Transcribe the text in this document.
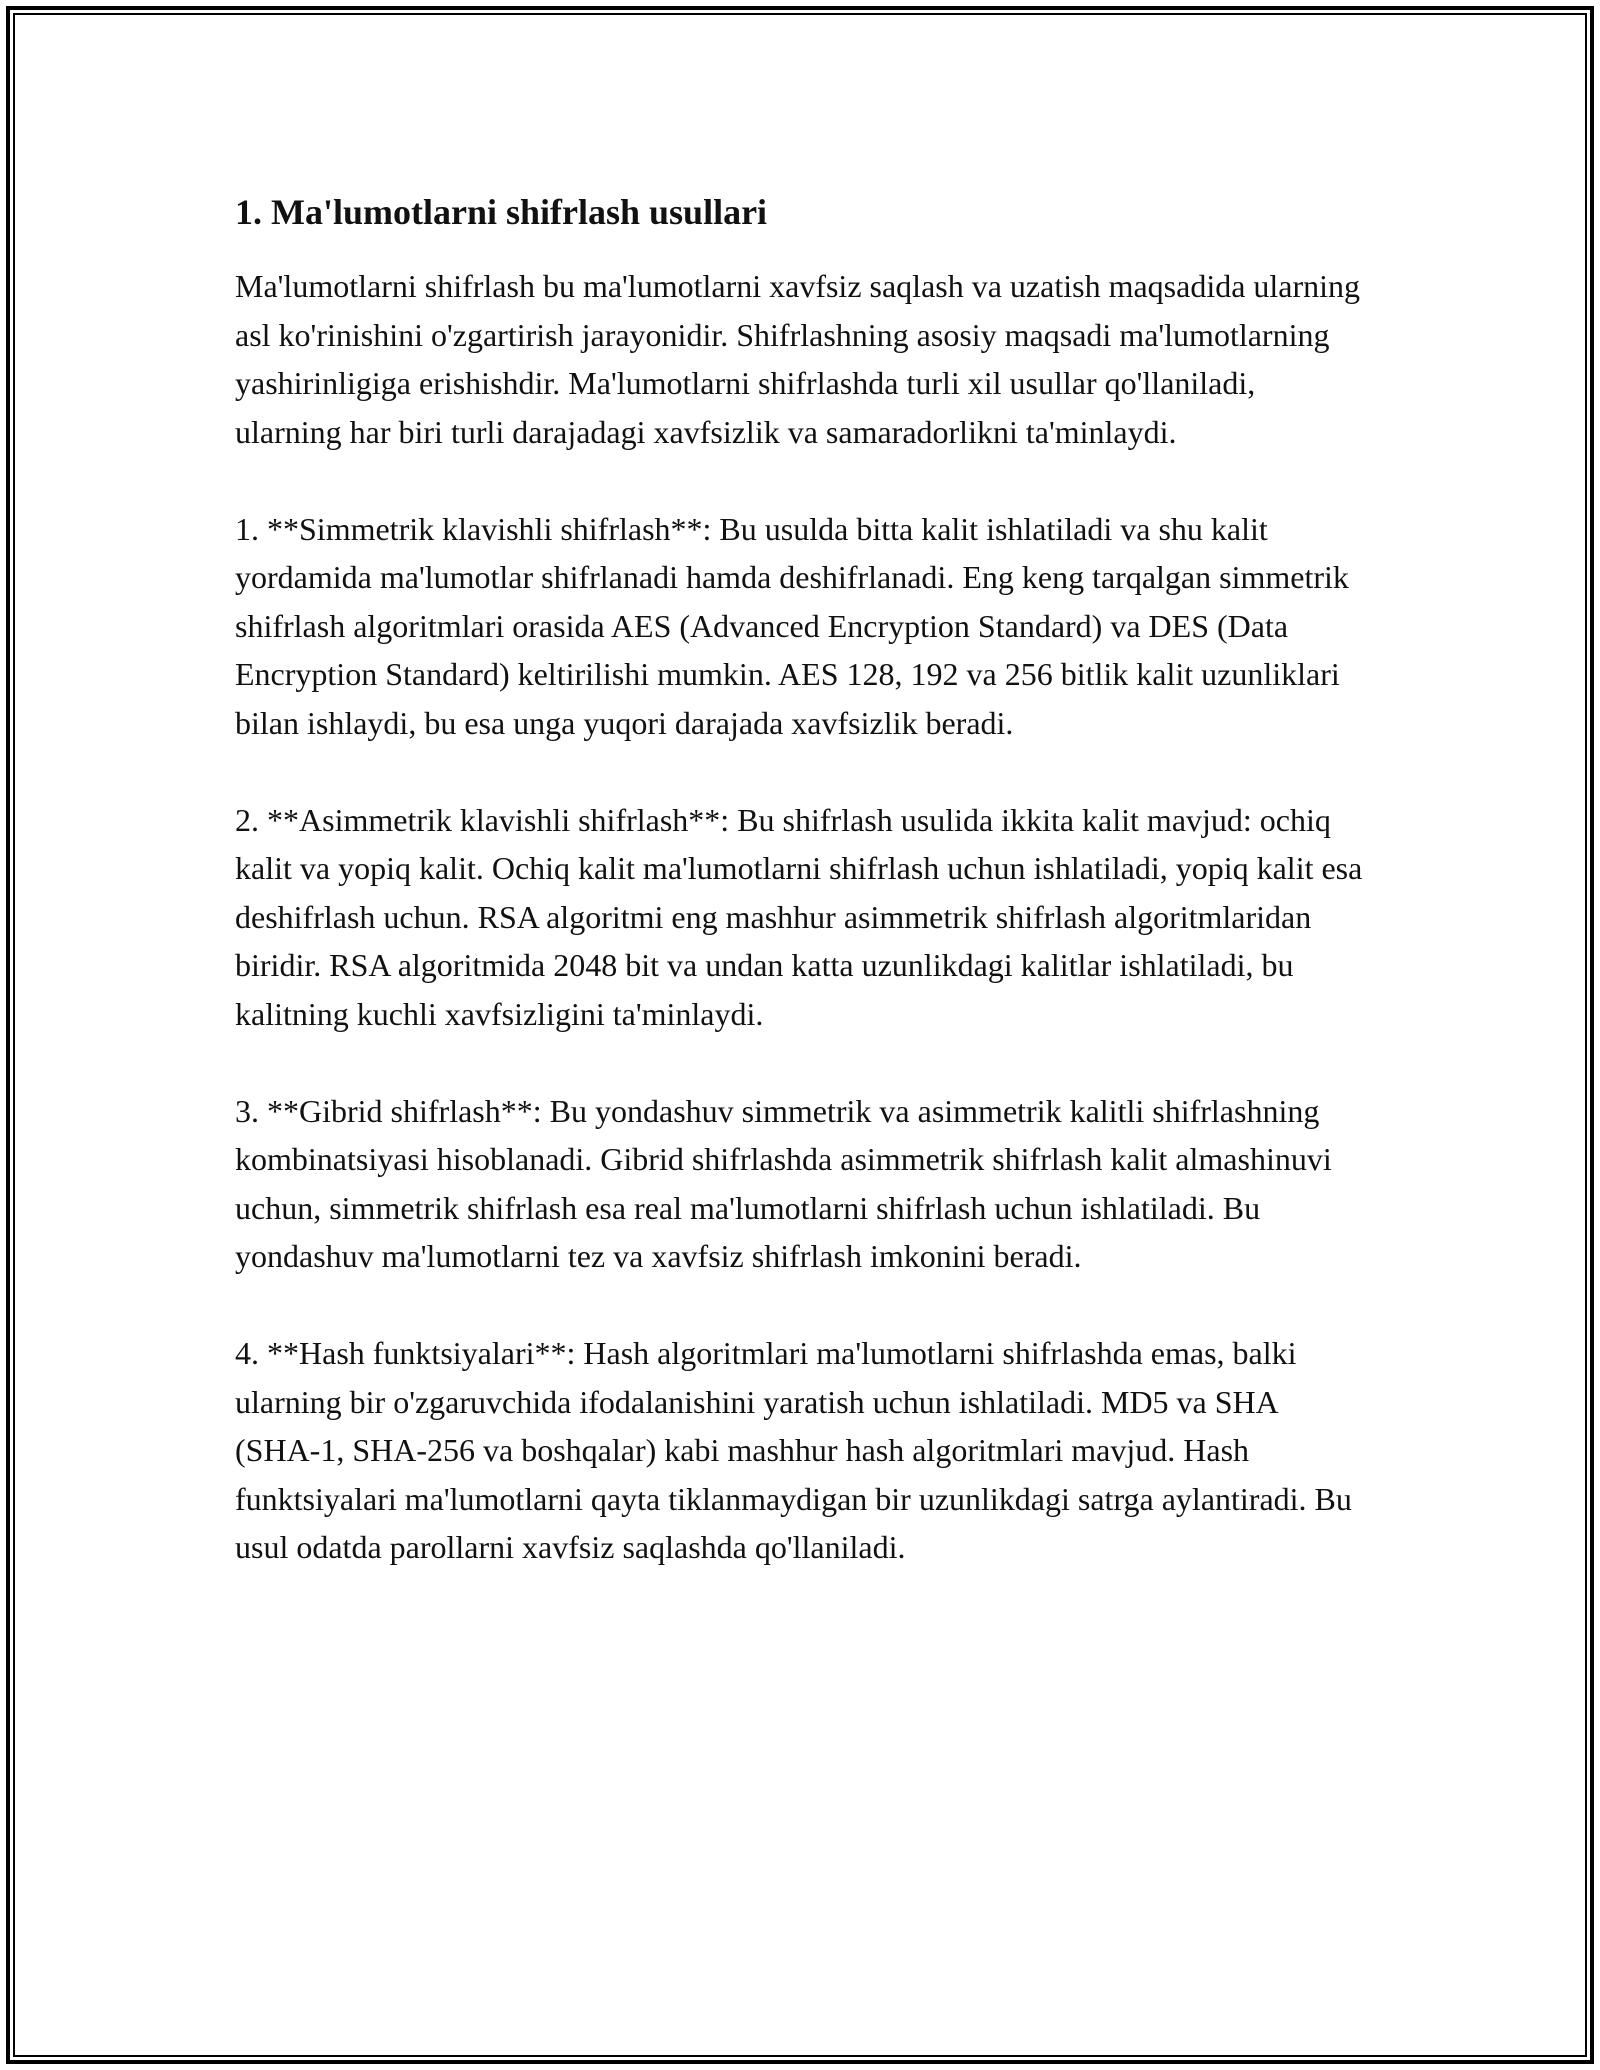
1. Ma'lumotlarni shifrlash usullari

Ma'lumotlarni shifrlash bu ma'lumotlarni xavfsiz saqlash va uzatish maqsadida ularning asl ko'rinishini o'zgartirish jarayonidir. Shifrlashning asosiy maqsadi ma'lumotlarning yashirinligiga erishishdir. Ma'lumotlarni shifrlashda turli xil usullar qo'llaniladi, ularning har biri turli darajadagi xavfsizlik va samaradorlikni ta'minlaydi.

1. **Simmetrik klavishli shifrlash**: Bu usulda bitta kalit ishlatiladi va shu kalit yordamida ma'lumotlar shifrlanadi hamda deshifrlanadi. Eng keng tarqalgan simmetrik shifrlash algoritmlari orasida AES (Advanced Encryption Standard) va DES (Data Encryption Standard) keltirilishi mumkin. AES 128, 192 va 256 bitlik kalit uzunliklari bilan ishlaydi, bu esa unga yuqori darajada xavfsizlik beradi.

2. **Asimmetrik klavishli shifrlash**: Bu shifrlash usulida ikkita kalit mavjud: ochiq kalit va yopiq kalit. Ochiq kalit ma'lumotlarni shifrlash uchun ishlatiladi, yopiq kalit esa deshifrlash uchun. RSA algoritmi eng mashhur asimmetrik shifrlash algoritmlaridan biridir. RSA algoritmida 2048 bit va undan katta uzunlikdagi kalitlar ishlatiladi, bu kalitning kuchli xavfsizligini ta'minlaydi.

3. **Gibrid shifrlash**: Bu yondashuv simmetrik va asimmetrik kalitli shifrlashning kombinatsiyasi hisoblanadi. Gibrid shifrlashda asimmetrik shifrlash kalit almashinuvi uchun, simmetrik shifrlash esa real ma'lumotlarni shifrlash uchun ishlatiladi. Bu yondashuv ma'lumotlarni tez va xavfsiz shifrlash imkonini beradi.

4. **Hash funktsiyalari**: Hash algoritmlari ma'lumotlarni shifrlashda emas, balki ularning bir o'zgaruvchida ifodalanishini yaratish uchun ishlatiladi. MD5 va SHA (SHA-1, SHA-256 va boshqalar) kabi mashhur hash algoritmlari mavjud. Hash funktsiyalari ma'lumotlarni qayta tiklanmaydigan bir uzunlikdagi satrga aylantiradi. Bu usul odatda parollarni xavfsiz saqlashda qo'llaniladi.
